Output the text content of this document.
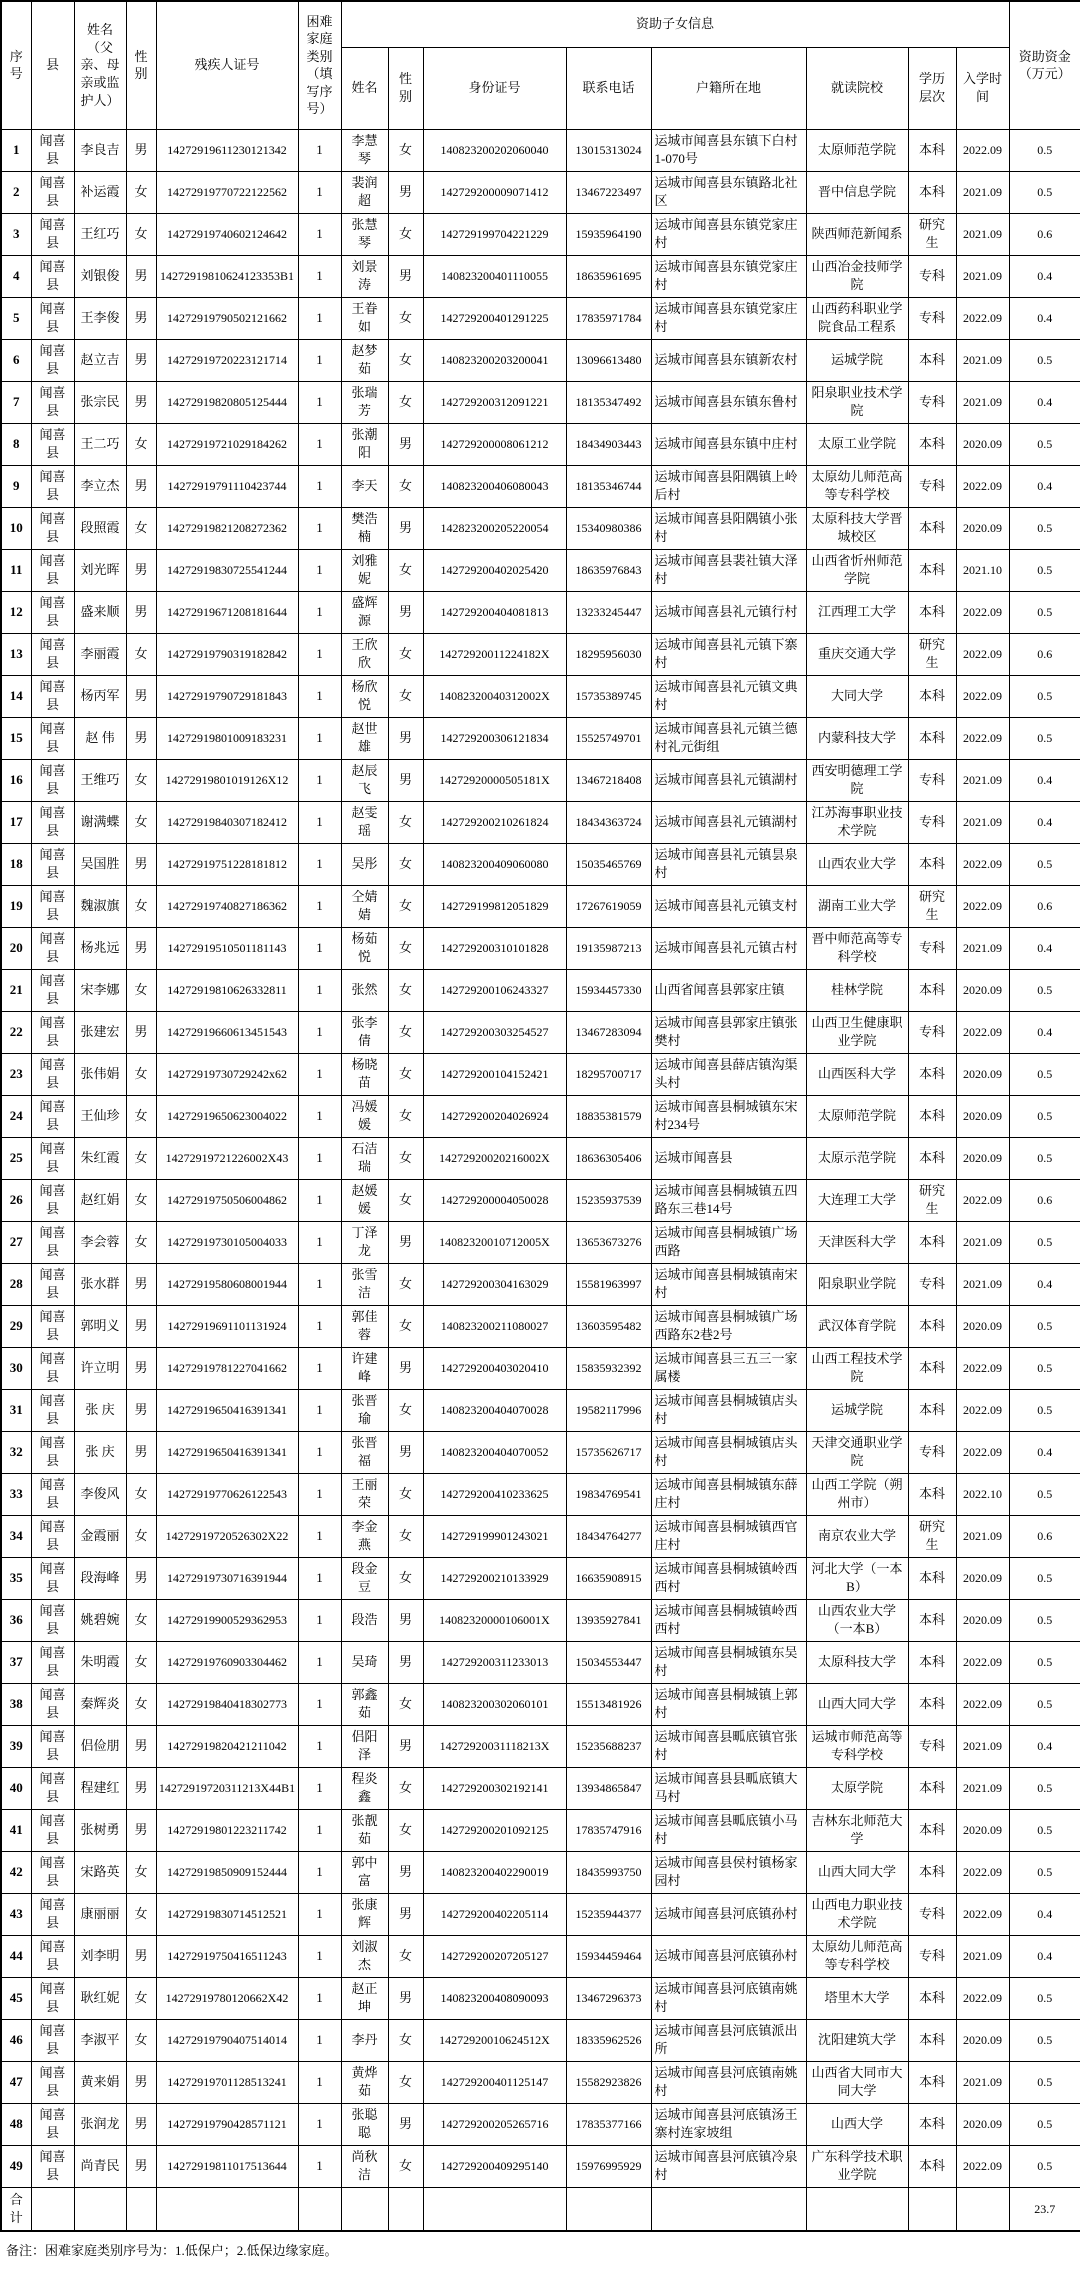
序号	县	姓名（父亲、母亲或监护人）	性别	残疾人证号	困难家庭类别（填写序号）	资助子女信息								资助资金（万元）
						姓名	性别	身份证号	联系电话	户籍所在地	就读院校	学历层次	入学时间	
1	闻喜县	李良吉	男	14272919611230121342	1	李慧琴	女	140823200202060040	13015313024	运城市闻喜县东镇下白村1-070号	太原师范学院	本科	2022.09	0.5
2	闻喜县	补运霞	女	14272919770722122562	1	裴润超	男	142729200009071412	13467223497	运城市闻喜县东镇路北社区	晋中信息学院	本科	2021.09	0.5
3	闻喜县	王红巧	女	14272919740602124642	1	张慧琴	女	142729199704221229	15935964190	运城市闻喜县东镇党家庄村	陕西师范新闻系	研究生	2021.09	0.6
4	闻喜县	刘银俊	男	14272919810624123353B1	1	刘景涛	男	140823200401110055	18635961695	运城市闻喜县东镇党家庄村	山西冶金技师学院	专科	2021.09	0.4
5	闻喜县	王李俊	男	14272919790502121662	1	王眷如	女	142729200401291225	17835971784	运城市闻喜县东镇党家庄村	山西药科职业学院食品工程系	专科	2022.09	0.4
6	闻喜县	赵立吉	男	14272919720223121714	1	赵梦茹	女	140823200203200041	13096613480	运城市闻喜县东镇新农村	运城学院	本科	2021.09	0.5
7	闻喜县	张宗民	男	14272919820805125444	1	张瑞芳	女	142729200312091221	18135347492	运城市闻喜县东镇东鲁村	阳泉职业技术学院	专科	2021.09	0.4
8	闻喜县	王二巧	女	14272919721029184262	1	张潮阳	男	142729200008061212	18434903443	运城市闻喜县东镇中庄村	太原工业学院	本科	2020.09	0.5
9	闻喜县	李立杰	男	14272919791110423744	1	李天	女	140823200406080043	18135346744	运城市闻喜县阳隅镇上岭后村	太原幼儿师范高等专科学校	专科	2022.09	0.4
10	闻喜县	段照霞	女	14272919821208272362	1	樊浩楠	男	142823200205220054	15340980386	运城市闻喜县阳隅镇小张村	太原科技大学晋城校区	本科	2020.09	0.5
11	闻喜县	刘光晖	男	14272919830725541244	1	刘雅妮	女	142729200402025420	18635976843	运城市闻喜县裴社镇大泽村	山西省忻州师范学院	本科	2021.10	0.5
12	闻喜县	盛来顺	男	14272919671208181644	1	盛辉源	男	142729200404081813	13233245447	运城市闻喜县礼元镇行村	江西理工大学	本科	2022.09	0.5
13	闻喜县	李丽霞	女	14272919790319182842	1	王欣欣	女	14272920011224182X	18295956030	运城市闻喜县礼元镇下寨村	重庆交通大学	研究生	2022.09	0.6
14	闻喜县	杨丙军	男	14272919790729181843	1	杨欣悦	女	14082320040312002X	15735389745	运城市闻喜县礼元镇文典村	大同大学	本科	2022.09	0.5
15	闻喜县	赵 伟	男	14272919801009183231	1	赵世雄	男	142729200306121834	15525749701	运城市闻喜县礼元镇兰德村礼元街组	内蒙科技大学	本科	2022.09	0.5
16	闻喜县	王维巧	女	14272919801019126X12	1	赵辰飞	男	14272920000505181X	13467218408	运城市闻喜县礼元镇湖村	西安明德理工学院	专科	2021.09	0.4
17	闻喜县	谢满蝶	女	14272919840307182412	1	赵雯瑶	女	142729200210261824	18434363724	运城市闻喜县礼元镇湖村	江苏海事职业技术学院	专科	2021.09	0.4
18	闻喜县	吴国胜	男	14272919751228181812	1	吴彤	女	140823200409060080	15035465769	运城市闻喜县礼元镇昙泉村	山西农业大学	本科	2022.09	0.5
19	闻喜县	魏淑旗	女	14272919740827186362	1	仝婧婧	女	142729199812051829	17267619059	运城市闻喜县礼元镇支村	湖南工业大学	研究生	2022.09	0.6
20	闻喜县	杨兆远	男	14272919510501181143	1	杨茹悦	女	142729200310101828	19135987213	运城市闻喜县礼元镇古村	晋中师范高等专科学校	专科	2021.09	0.4
21	闻喜县	宋李娜	女	14272919810626332811	1	张然	女	142729200106243327	15934457330	山西省闻喜县郭家庄镇	桂林学院	本科	2020.09	0.5
22	闻喜县	张建宏	男	14272919660613451543	1	张李倩	女	142729200303254527	13467283094	运城市闻喜县郭家庄镇张樊村	山西卫生健康职业学院	专科	2022.09	0.4
23	闻喜县	张伟娟	女	14272919730729242x62	1	杨晓苗	女	142729200104152421	18295700717	运城市闻喜县薛店镇沟渠头村	山西医科大学	本科	2020.09	0.5
24	闻喜县	王仙珍	女	14272919650623004022	1	冯媛媛	女	142729200204026924	18835381579	运城市闻喜县桐城镇东宋村234号	太原师范学院	本科	2020.09	0.5
25	闻喜县	朱红霞	女	14272919721226002X43	1	石洁瑞	女	14272920020216002X	18636305406	运城市闻喜县	太原示范学院	本科	2020.09	0.5
26	闻喜县	赵红娟	女	14272919750506004862	1	赵媛媛	女	142729200004050028	15235937539	运城市闻喜县桐城镇五四路东三巷14号	大连理工大学	研究生	2022.09	0.6
27	闻喜县	李会蓉	女	14272919730105004033	1	丁泽龙	男	14082320010712005X	13653673276	运城市闻喜县桐城镇广场西路	天津医科大学	本科	2021.09	0.5
28	闻喜县	张水群	男	14272919580608001944	1	张雪洁	女	142729200304163029	15581963997	运城市闻喜县桐城镇南宋村	阳泉职业学院	专科	2021.09	0.4
29	闻喜县	郭明义	男	14272919691101131924	1	郭佳蓉	女	140823200211080027	13603595482	运城市闻喜县桐城镇广场西路东2巷2号	武汉体育学院	本科	2020.09	0.5
30	闻喜县	许立明	男	14272919781227041662	1	许建峰	男	142729200403020410	15835932392	运城市闻喜县三五三一家属楼	山西工程技术学院	本科	2022.09	0.5
31	闻喜县	张 庆	男	14272919650416391341	1	张晋瑜	女	140823200404070028	19582117996	运城市闻喜县桐城镇店头村	运城学院	本科	2022.09	0.5
32	闻喜县	张 庆	男	14272919650416391341	1	张晋福	男	140823200404070052	15735626717	运城市闻喜县桐城镇店头村	天津交通职业学院	专科	2022.09	0.4
33	闻喜县	李俊风	女	14272919770626122543	1	王丽荣	女	142729200410233625	19834769541	运城市闻喜县桐城镇东薛庄村	山西工学院（朔州市）	本科	2022.10	0.5
34	闻喜县	金霞丽	女	14272919720526302X22	1	李金燕	女	142729199901243021	18434764277	运城市闻喜县桐城镇西官庄村	南京农业大学	研究生	2021.09	0.6
35	闻喜县	段海峰	男	14272919730716391944	1	段金豆	女	142729200210133929	16635908915	运城市闻喜县桐城镇岭西西村	河北大学（一本B）	本科	2020.09	0.5
36	闻喜县	姚碧婉	女	14272919900529362953	1	段浩	男	14082320000106001X	13935927841	运城市闻喜县桐城镇岭西西村	山西农业大学（一本B）	本科	2020.09	0.5
37	闻喜县	朱明霞	女	14272919760903304462	1	吴琦	男	142729200311233013	15034553447	运城市闻喜县桐城镇东吴村	太原科技大学	本科	2022.09	0.5
38	闻喜县	秦辉炎	女	14272919840418302773	1	郭鑫茹	女	140823200302060101	15513481926	运城市闻喜县桐城镇上郭村	山西大同大学	本科	2022.09	0.5
39	闻喜县	侣俭朋	男	14272919820421211042	1	侣阳泽	男	14272920031118213X	15235688237	运城市闻喜县畖底镇官张村	运城市师范高等专科学校	专科	2021.09	0.4
40	闻喜县	程建红	男	14272919720311213X44B1	1	程炎鑫	女	142729200302192141	13934865847	运城市闻喜县县畖底镇大马村	太原学院	本科	2021.09	0.5
41	闻喜县	张树勇	男	14272919801223211742	1	张靓茹	女	142729200201092125	17835747916	运城市闻喜县畖底镇小马村	吉林东北师范大学	本科	2020.09	0.5
42	闻喜县	宋路英	女	14272919850909152444	1	郭中富	男	140823200402290019	18435993750	运城市闻喜县侯村镇杨家园村	山西大同大学	本科	2022.09	0.5
43	闻喜县	康丽丽	女	14272919830714512521	1	张康辉	男	142729200402205114	15235944377	运城市闻喜县河底镇孙村	山西电力职业技术学院	专科	2022.09	0.4
44	闻喜县	刘李明	男	14272919750416511243	1	刘淑杰	女	142729200207205127	15934459464	运城市闻喜县河底镇孙村	太原幼儿师范高等专科学校	专科	2021.09	0.4
45	闻喜县	耿红妮	女	14272919780120662X42	1	赵正坤	男	140823200408090093	13467296373	运城市闻喜县河底镇南姚村	塔里木大学	本科	2022.09	0.5
46	闻喜县	李淑平	女	14272919790407514014	1	李丹	女	14272920010624512X	18335962526	运城市闻喜县河底镇派出所	沈阳建筑大学	本科	2020.09	0.5
47	闻喜县	黄来娟	男	14272919701128513241	1	黄烨茹	女	142729200401125147	15582923826	运城市闻喜县河底镇南姚村	山西省大同市大同大学	本科	2021.09	0.5
48	闻喜县	张润龙	男	14272919790428571121	1	张聪聪	男	142729200205265716	17835377166	运城市闻喜县河底镇汤王寨村连家坡组	山西大学	本科	2020.09	0.5
49	闻喜县	尚青民	男	14272919811017513644	1	尚秋洁	女	142729200409295140	15976995929	运城市闻喜县河底镇冷泉村	广东科学技术职业学院	本科	2022.09	0.5
合计														23.7
备注：困难家庭类别序号为：1.低保户；2.低保边缘家庭。
